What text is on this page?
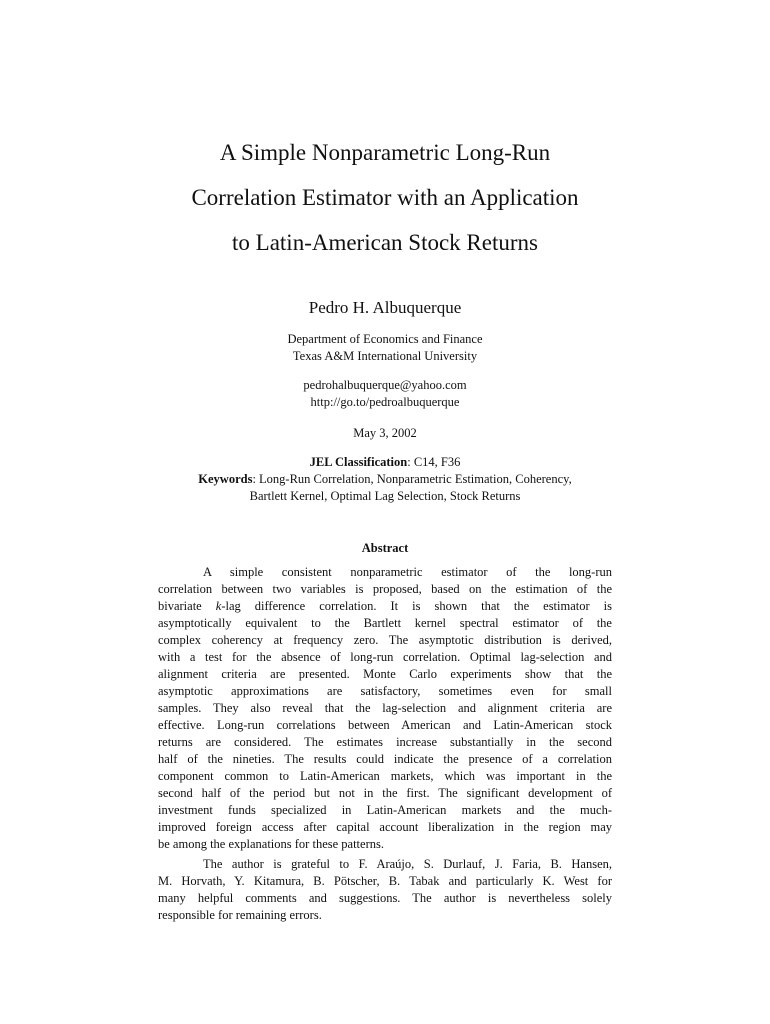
A Simple Nonparametric Long-Run
Correlation Estimator with an Application
to Latin-American Stock Returns

Pedro H. Albuquerque

Department of Economics and Finance
Texas A&M International University

pedrohalbuquerque@yahoo.com
http://go.to/pedroalbuquerque

May 3, 2002

JEL Classification: C14, F36
Keywords: Long-Run Correlation, Nonparametric Estimation, Coherency,
Bartlett Kernel, Optimal Lag Selection, Stock Returns

Abstract

A simple consistent nonparametric estimator of the long-run
correlation between two variables is proposed, based on the estimation of the
bivariate k-lag difference correlation. It is shown that the estimator is
asymptotically equivalent to the Bartlett kernel spectral estimator of the
complex coherency at frequency zero. The asymptotic distribution is derived,
with a test for the absence of long-run correlation. Optimal lag-selection and
alignment criteria are presented. Monte Carlo experiments show that the
asymptotic approximations are satisfactory, sometimes even for small
samples. They also reveal that the lag-selection and alignment criteria are
effective. Long-run correlations between American and Latin-American stock
returns are considered. The estimates increase substantially in the second
half of the nineties. The results could indicate the presence of a correlation
component common to Latin-American markets, which was important in the
second half of the period but not in the first. The significant development of
investment funds specialized in Latin-American markets and the much-
improved foreign access after capital account liberalization in the region may
be among the explanations for these patterns.
The author is grateful to F. Araújo, S. Durlauf, J. Faria, B. Hansen,
M. Horvath, Y. Kitamura, B. Pötscher, B. Tabak and particularly K. West for
many helpful comments and suggestions. The author is nevertheless solely
responsible for remaining errors.
